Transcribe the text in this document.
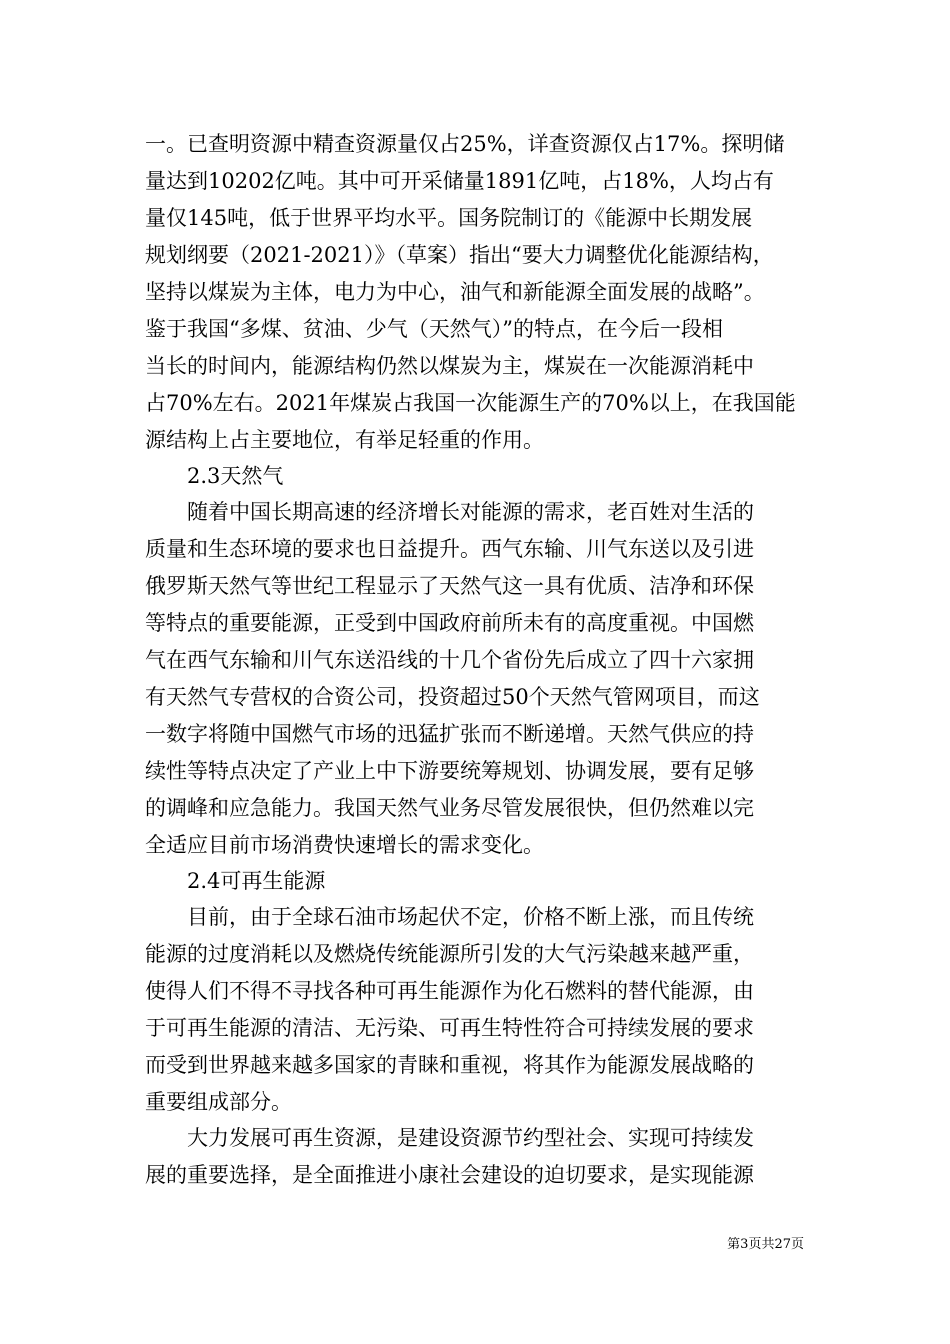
一。已查明资源中精查资源量仅占25%，详查资源仅占17%。探明储
量达到10202亿吨。其中可开采储量1891亿吨，占18%，人均占有
量仅145吨，低于世界平均水平。国务院制订的《能源中长期发展
规划纲要（2021-2021）》（草案）指出“要大力调整优化能源结构，
坚持以煤炭为主体，电力为中心，油气和新能源全面发展的战略”。
鉴于我国“多煤、贫油、少气（天然气）”的特点，在今后一段相
当长的时间内，能源结构仍然以煤炭为主，煤炭在一次能源消耗中
占70%左右。2021年煤炭占我国一次能源生产的70%以上，在我国能
源结构上占主要地位，有举足轻重的作用。
2.3天然气
随着中国长期高速的经济增长对能源的需求，老百姓对生活的
质量和生态环境的要求也日益提升。西气东输、川气东送以及引进
俄罗斯天然气等世纪工程显示了天然气这一具有优质、洁净和环保
等特点的重要能源，正受到中国政府前所未有的高度重视。中国燃
气在西气东输和川气东送沿线的十几个省份先后成立了四十六家拥
有天然气专营权的合资公司，投资超过50个天然气管网项目，而这
一数字将随中国燃气市场的迅猛扩张而不断递增。天然气供应的持
续性等特点决定了产业上中下游要统筹规划、协调发展，要有足够
的调峰和应急能力。我国天然气业务尽管发展很快，但仍然难以完
全适应目前市场消费快速增长的需求变化。
2.4可再生能源
目前，由于全球石油市场起伏不定，价格不断上涨，而且传统
能源的过度消耗以及燃烧传统能源所引发的大气污染越来越严重，
使得人们不得不寻找各种可再生能源作为化石燃料的替代能源，由
于可再生能源的清洁、无污染、可再生特性符合可持续发展的要求
而受到世界越来越多国家的青睐和重视，将其作为能源发展战略的
重要组成部分。
大力发展可再生资源，是建设资源节约型社会、实现可持续发
展的重要选择，是全面推进小康社会建设的迫切要求，是实现能源
第3页共27页
